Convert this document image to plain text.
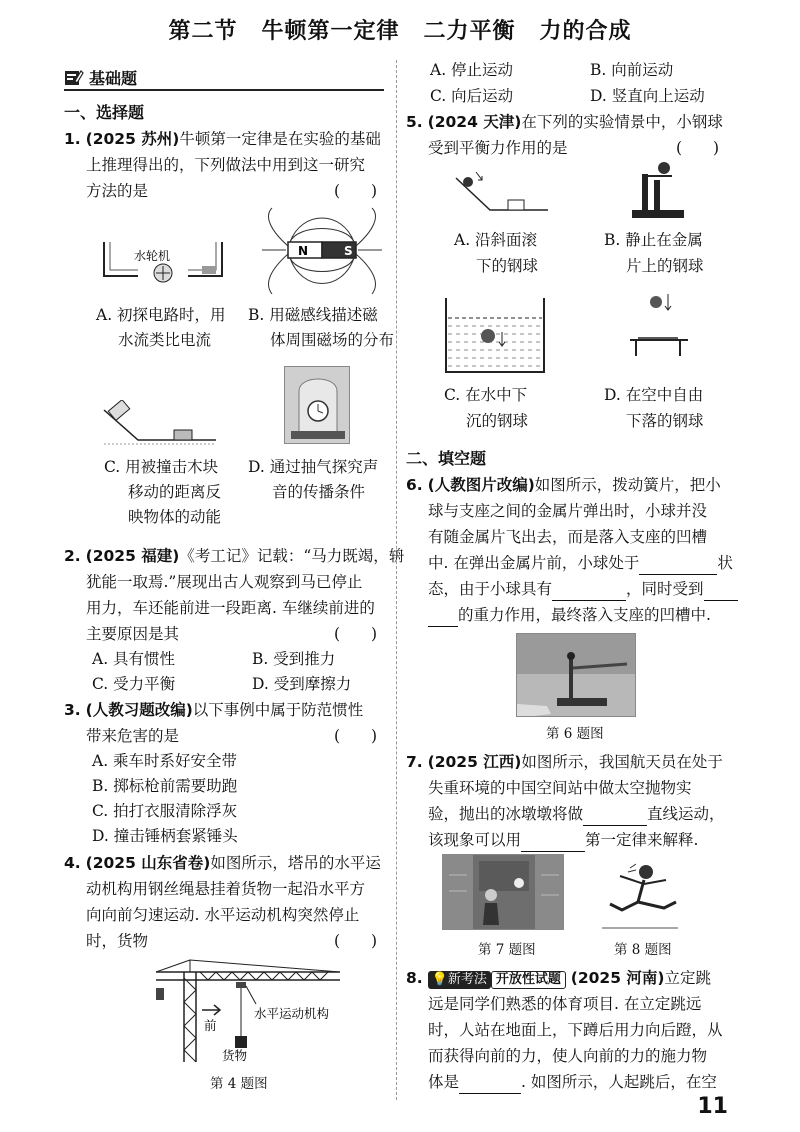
第二节 牛顿第一定律 二力平衡 力的合成
基础题
一、选择题
1. (2025 苏州)牛顿第一定律是在实验的基础
上推理得出的，下列做法中用到这一研究
方法的是	(　　)
水轮机	N	S
A. 初探电路时，用
水流类比电流
B. 用磁感线描述磁
体周围磁场的分布
C. 用被撞击木块
移动的距离反
映物体的动能
D. 通过抽气探究声
音的传播条件
2. (2025 福建)《考工记》记载：“马力既竭，辀
犹能一取焉.”展现出古人观察到马已停止
用力，车还能前进一段距离. 车继续前进的
主要原因是其	(　　)
A. 具有惯性	B. 受到推力
C. 受力平衡	D. 受到摩擦力
3. (人教习题改编)以下事例中属于防范惯性
带来危害的是	(　　)
A. 乘车时系好安全带
B. 掷标枪前需要助跑
C. 拍打衣服清除浮灰
D. 撞击锤柄套紧锤头
4. (2025 山东省卷)如图所示，塔吊的水平运
动机构用钢丝绳悬挂着货物一起沿水平方
向向前匀速运动. 水平运动机构突然停止
时，货物	(　　)
水平运动机构
前
货物
第 4 题图
A. 停止运动	B. 向前运动
C. 向后运动	D. 竖直向上运动
5. (2024 天津)在下列的实验情景中，小钢球
受到平衡力作用的是	(　　)
A. 沿斜面滚
下的钢球
B. 静止在金属
片上的钢球
C. 在水中下
沉的钢球
D. 在空中自由
下落的钢球
二、填空题
6. (人教图片改编)如图所示，拨动簧片，把小
球与支座之间的金属片弹出时，小球并没
有随金属片飞出去，而是落入支座的凹槽
中. 在弹出金属片前，小球处于	状
态，由于小球具有	，同时受到
的重力作用，最终落入支座的凹槽中.
第 6 题图
7. (2025 江西)如图所示，我国航天员在处于
失重环境的中国空间站中做太空抛物实
验，抛出的冰墩墩将做	直线运动，
该现象可以用	第一定律来解释.
第 7 题图	第 8 题图
8. 💡新考法 开放性试题 (2025 河南)立定跳
远是同学们熟悉的体育项目. 在立定跳远
时，人站在地面上，下蹲后用力向后蹬，从
而获得向前的力，使人向前的力的施力物
体是	. 如图所示，人起跳后，在空
11
